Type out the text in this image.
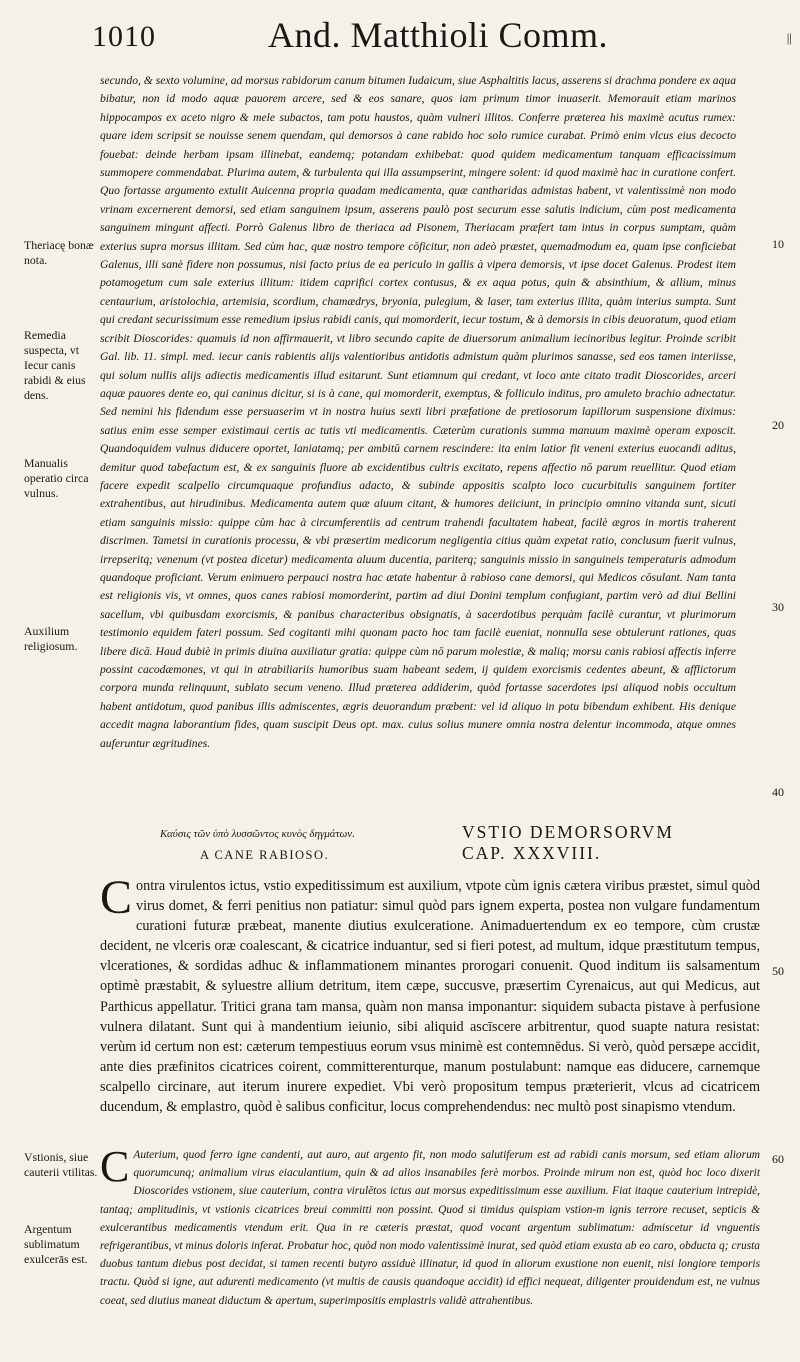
1010	And. Matthioli Comm.	||

secundo, & sexto volumine, ad morsus rabidorum canum bitumen Iudaicum, siue Asphaltitis lacus, asserens si drachma pondere ex aqua bibatur, non id modo aquæ pauorem arcere, sed & eos sanare, quos iam primum timor inuaserit. Memorauit etiam marinos hippocampos ex aceto nigro & mele subactos, tam potu haustos, quàm vulneri illitos. Conferre præterea his maximè acutus rumex: quare idem scripsit se nouisse senem quendam, qui demorsos à cane rabido hoc solo rumice curabat. Primò enim vlcus eius decocto fouebat: deinde herbam ipsam illinebat, eandemq; potandam exhibebat: quod quidem medicamentum tanquam efficacissimum summopere commendabat. Plurima autem, & turbulenta qui illa assumpserint, mingere solent: id quod maximè hac in curatione confert. Quo fortasse argumento extulit Auicenna propria quadam medicamenta, quæ cantharidas admistas habent, vt valentissimè non modo vrinam excernerent demorsi, sed etiam sanguinem ipsum, asserens paulò post securum esse salutis indicium, cùm post medicamenta sanguinem mingunt affecti. Porrò Galenus libro de theriaca ad Pisonem, Theriacam præfert tam intus in corpus sumptam, quàm exterius supra morsus illitam. Sed cùm hac, quæ nostro tempore cōficitur, non adeò præstet, quemadmodum ea, quam ipse conficiebat Galenus, illi sanè fidere non possumus, nisi facto prius de ea periculo in gallis à vipera demorsis, vt ipse docet Galenus. Prodest item potamogetum cum sale exterius illitum: itidem caprifici cortex contusus, & ex aqua potus, quin & absinthium, & allium, minus centaurium, aristolochia, artemisia, scordium, chamædrys, bryonia, pulegium, & laser, tam exterius illita, quàm interius sumpta. Sunt qui credant securissimum esse remedium ipsius rabidi canis, qui momorderit, iecur tostum, & à demorsis in cibis deuoratum, quod etiam scribit Dioscorides: quamuis id non affirmauerit, vt libro secundo capite de diuersorum animalium iecinoribus legitur. Proinde scribit Gal. lib. 11. simpl. med. iecur canis rabientis alijs valentioribus antidotis admistum quàm plurimos sanasse, sed eos tamen interiisse, qui solum nullis alijs adiectis medicamentis illud esitarunt. Sunt etiamnum qui credant, vt loco ante citato tradit Dioscorides, arceri aquæ pauores dente eo, qui caninus dicitur, si is à cane, qui momorderit, exemptus, & folliculo inditus, pro amuleto brachio adnectatur. Sed nemini his fidendum esse persuaserim vt in nostra huius sexti libri præfatione de pretiosorum lapillorum suspensione diximus: satius enim esse semper existimaui certis ac tutis vti medicamentis. Cæterùm curationis summa manuum maximè operam exposcit. Quandoquidem vulnus diducere oportet, laniatamq; per ambitū carnem rescindere: ita enim latior fit veneni exterius euocandi aditus, demitur quod tabefactum est, & ex sanguinis fluore ab excidentibus cultris excitato, repens affectio nō parum reuellitur. Quod etiam facere expedit scalpello circumquaque profundius adacto, & subinde appositis scalpto loco cucurbitulis sanguinem fortiter extrahentibus, aut hirudinibus. Medicamenta autem quæ aluum citant, & humores deiiciunt, in principio omnino vitanda sunt, sicuti etiam sanguinis missio: quippe cùm hac à circumferentiis ad centrum trahendi facultatem habeat, facilè ægros in mortis traherent discrimen. Tametsi in curationis processu, & vbi præsertim medicorum negligentia citius quàm expetat ratio, conclusum fuerit vulnus, irrepseritq; venenum (vt postea dicetur) medicamenta aluum ducentia, pariterq; sanguinis missio in sanguineis temperaturis admodum quandoque proficiant. Verum enimuero perpauci nostra hac ætate habentur à rabioso cane demorsi, qui Medicos cōsulant. Nam tanta est religionis vis, vt omnes, quos canes rabiosi momorderint, partim ad diui Donini templum confugiant, partim verò ad diui Bellini sacellum, vbi quibusdam exorcismis, & panibus characteribus obsignatis, à sacerdotibus perquàm facilè curantur, vt plurimorum testimonio equidem fateri possum. Sed cogitanti mihi quonam pacto hoc tam facilè eueniat, nonnulla sese obtulerunt rationes, quas libere dicā. Haud dubiè in primis diuina auxiliatur gratia: quippe cùm nō parum molestiæ, & maliq; morsu canis rabiosi affectis inferre possint cacodæmones, vt qui in atrabiliariis humoribus suam habeant sedem, ij quidem exorcismis cedentes abeunt, & afflictorum corpora munda relinquunt, sublato secum veneno. Illud præterea addiderim, quòd fortasse sacerdotes ipsi aliquod nobis occultum habent antidotum, quod panibus illis admiscentes, ægris deuorandum præbent: vel id aliquo in potu bibendum exhibent. His denique accedit magna laborantium fides, quam suscipit Deus opt. max. cuius solius munere omnia nostra delentur incommoda, atque omnes auferuntur ægritudines.

Theriacę bonæ nota.
Remedia suspecta, vt Iecur canis rabidi & eius dens.
Manualis operatio circa vulnus.
Auxilium religiosum.
Vstionis, siue cauterii vtilitas.
Argentum sublimatum exulcerās est.
10
20
30
40
50
60
Καύσις τῶν ὑπὸ λυσσῶντος κυνὸς δηγμάτων.
A CANE RABIOSO.
VSTIO DEMORSORVM
CAP. XXXVIII.

Contra virulentos ictus, vstio expeditissimum est auxilium, vtpote cùm ignis cætera viribus præstet, simul quòd virus domet, & ferri penitius non patiatur: simul quòd pars ignem experta, postea non vulgare fundamentum curationi futuræ præbeat, manente diutius exulceratione. Animaduertendum ex eo tempore, cùm crustæ decident, ne vlceris oræ coalescant, & cicatrice induantur, sed si fieri potest, ad multum, idque præstitutum tempus, vlcerationes, & sordidas adhuc & inflammationem minantes prorogari conuenit. Quod inditum iis salsamentum optimè præstabit, & syluestre allium detritum, item cæpe, succusve, præsertim Cyrenaicus, aut qui Medicus, aut Parthicus appellatur. Tritici grana tam mansa, quàm non mansa imponantur: siquidem subacta pistave à perfusione vulnera dilatant. Sunt qui à mandentium ieiunio, sibi aliquid ascīscere arbitrentur, quod suapte natura resistat: verùm id certum non est: cæterum tempestiuus eorum vsus minimè est contemnēdus. Si verò, quòd persæpe accidit, ante dies præfinitos cicatrices coirent, committerenturque, manum postulabunt: namque eas diducere, carnemque scalpello circinare, aut iterum inurere expediet. Vbi verò propositum tempus præterierit, vlcus ad cicatricem ducendum, & emplastro, quòd è salibus conficitur, locus comprehendendus: nec multò post sinapismo vtendum.

C Auterium, quod ferro igne candenti, aut auro, aut argento fit, non modo salutiferum est ad rabidi canis morsum, sed etiam aliorum quorumcunq; animalium virus eiaculantium, quin & ad alios insanabiles ferè morbos. Proinde mirum non est, quòd hoc loco dixerit Dioscorides vstionem, siue cauterium, contra virulētos ictus aut morsus expeditissimum esse auxilium. Fiat itaque cauterium intrepidè, tantaq; amplitudinis, vt vstionis cicatrices breui committi non possint. Quod si timidus quispiam vstion-m ignis terrore recuset, septicis & exulcerantibus medicamentis vtendum erit. Qua in re cæteris præstat, quod vocant argentum sublimatum: admiscetur id vnguentis refrigerantibus, vt minus doloris inferat. Probatur hoc, quòd non modo valentissimè inurat, sed quòd etiam exusta ab eo caro, obducta q; crusta duobus tantum diebus post decidat, si tamen recenti butyro assiduè illinatur, id quod in aliorum exustione non euenit, nisi longiore temporis tractu. Quòd si igne, aut adurenti medicamento (vt multis de causis quandoque accidit) id effici nequeat, diligenter prouidendum est, ne vulnus coeat, sed diutius maneat diductum & apertum, superimpositis emplastris validè attrahentibus.
